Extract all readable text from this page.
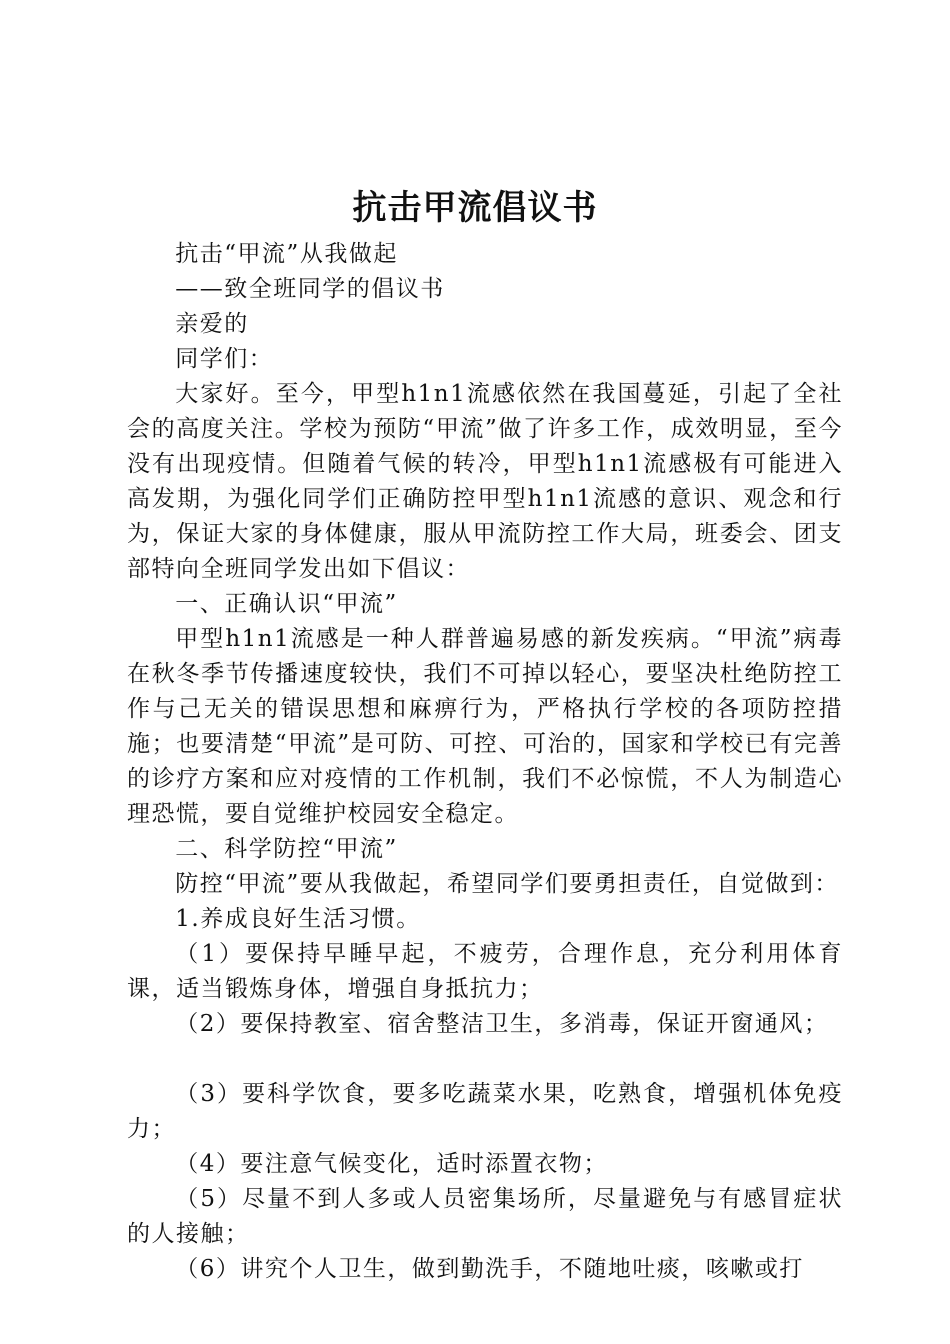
抗击甲流倡议书

抗击“甲流”从我做起

——致全班同学的倡议书

亲爱的

同学们：

大家好。至今，甲型h1n1流感依然在我国蔓延，引起了全社会的高度关注。学校为预防“甲流”做了许多工作，成效明显，至今没有出现疫情。但随着气候的转冷，甲型h1n1流感极有可能进入高发期，为强化同学们正确防控甲型h1n1流感的意识、观念和行为，保证大家的身体健康，服从甲流防控工作大局，班委会、团支部特向全班同学发出如下倡议：

一、正确认识“甲流”

甲型h1n1流感是一种人群普遍易感的新发疾病。“甲流”病毒在秋冬季节传播速度较快，我们不可掉以轻心，要坚决杜绝防控工作与己无关的错误思想和麻痹行为，严格执行学校的各项防控措施；也要清楚“甲流”是可防、可控、可治的，国家和学校已有完善的诊疗方案和应对疫情的工作机制，我们不必惊慌，不人为制造心理恐慌，要自觉维护校园安全稳定。

二、科学防控“甲流”

防控“甲流”要从我做起，希望同学们要勇担责任，自觉做到：

1.养成良好生活习惯。

（1）要保持早睡早起，不疲劳，合理作息，充分利用体育课，适当锻炼身体，增强自身抵抗力；

（2）要保持教室、宿舍整洁卫生，多消毒，保证开窗通风；

（3）要科学饮食，要多吃蔬菜水果，吃熟食，增强机体免疫力；

（4）要注意气候变化，适时添置衣物；

（5）尽量不到人多或人员密集场所，尽量避免与有感冒症状的人接触；

（6）讲究个人卫生，做到勤洗手，不随地吐痰，咳嗽或打
